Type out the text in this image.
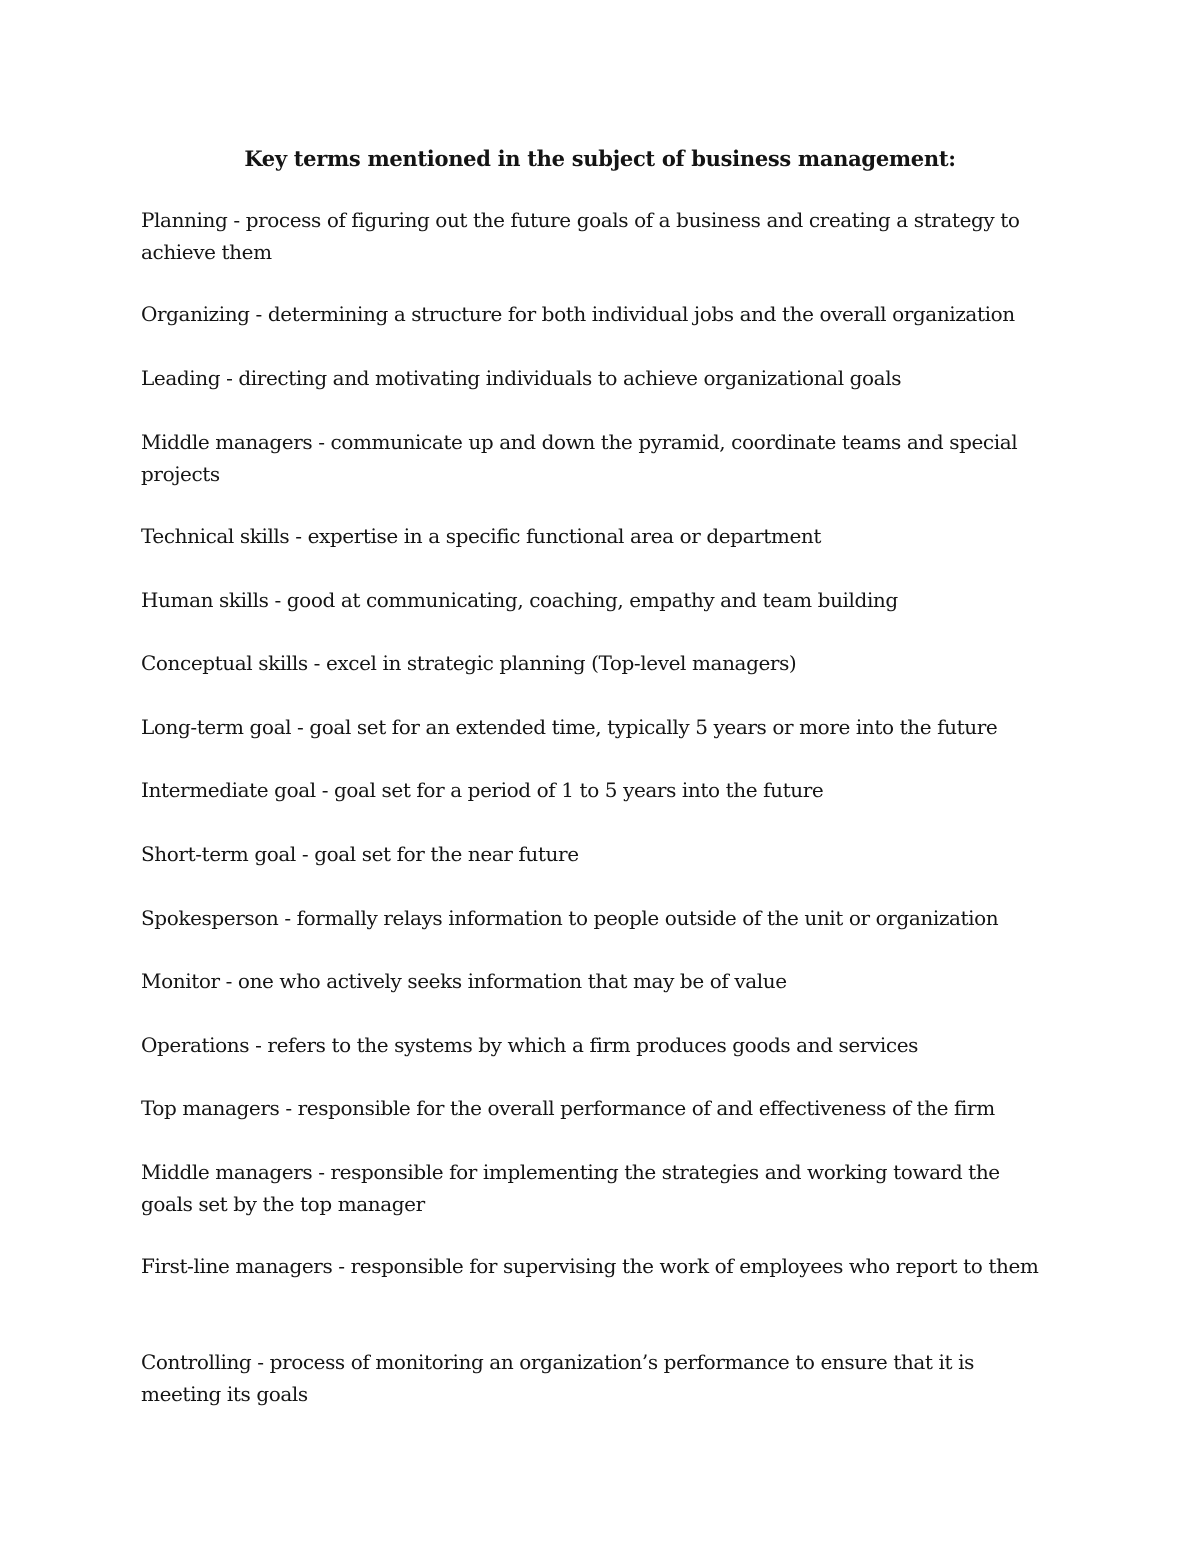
Key terms mentioned in the subject of business management:

Planning - process of figuring out the future goals of a business and creating a strategy to achieve them

Organizing - determining a structure for both individual jobs and the overall organization

Leading - directing and motivating individuals to achieve organizational goals

Middle managers - communicate up and down the pyramid, coordinate teams and special projects

Technical skills - expertise in a specific functional area or department

Human skills - good at communicating, coaching, empathy and team building

Conceptual skills - excel in strategic planning (Top-level managers)

Long-term goal - goal set for an extended time, typically 5 years or more into the future

Intermediate goal - goal set for a period of 1 to 5 years into the future

Short-term goal - goal set for the near future

Spokesperson - formally relays information to people outside of the unit or organization

Monitor - one who actively seeks information that may be of value

Operations - refers to the systems by which a firm produces goods and services

Top managers - responsible for the overall performance of and effectiveness of the firm

Middle managers - responsible for implementing the strategies and working toward the goals set by the top manager

First-line managers - responsible for supervising the work of employees who report to them

Controlling - process of monitoring an organization’s performance to ensure that it is meeting its goals
